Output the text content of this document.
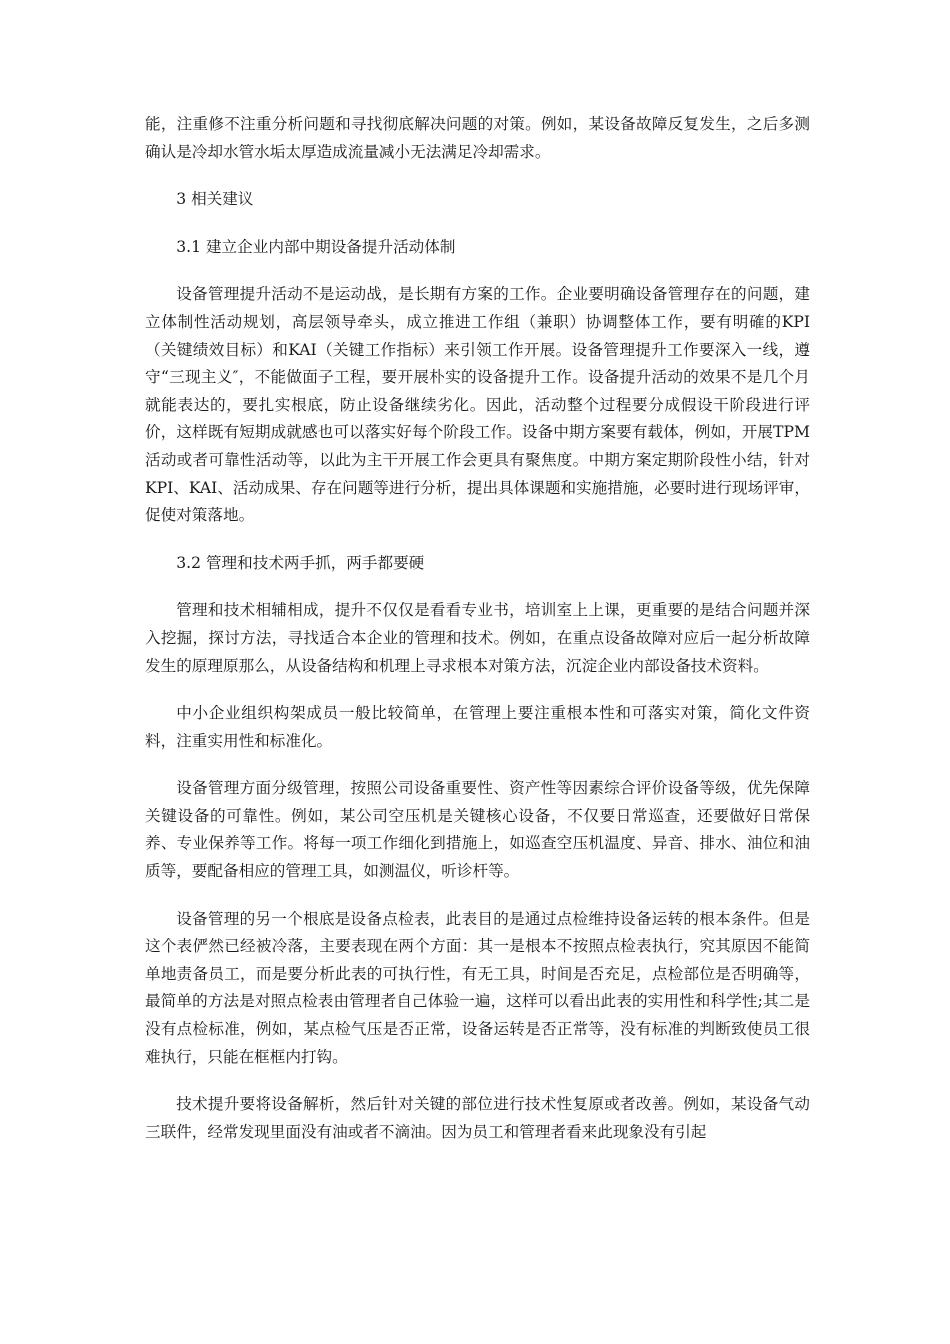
能，注重修不注重分析问题和寻找彻底解决问题的对策。例如，某设备故障反复发生，之后多测确认是冷却水管水垢太厚造成流量减小无法满足冷却需求。

3 相关建议

3.1 建立企业内部中期设备提升活动体制

设备管理提升活动不是运动战，是长期有方案的工作。企业要明确设备管理存在的问题，建立体制性活动规划，高层领导牵头，成立推进工作组（兼职）协调整体工作，要有明確的KPI（关键绩效目标）和KAI（关键工作指标）来引领工作开展。设备管理提升工作要深入一线，遵守“三现主义″，不能做面子工程，要开展朴实的设备提升工作。设备提升活动的效果不是几个月就能表达的，要扎实根底，防止设备继续劣化。因此，活动整个过程要分成假设干阶段进行评价，这样既有短期成就感也可以落实好每个阶段工作。设备中期方案要有载体，例如，开展TPM活动或者可靠性活动等，以此为主干开展工作会更具有聚焦度。中期方案定期阶段性小结，针对KPI、KAI、活动成果、存在问题等进行分析，提出具体课题和实施措施，必要时进行现场评审，促使对策落地。

3.2 管理和技术两手抓，两手都要硬

管理和技术相辅相成，提升不仅仅是看看专业书，培训室上上课，更重要的是结合问题并深入挖掘，探讨方法，寻找适合本企业的管理和技术。例如，在重点设备故障对应后一起分析故障发生的原理原那么，从设备结构和机理上寻求根本对策方法，沉淀企业内部设备技术资料。

中小企业组织构架成员一般比较简单，在管理上要注重根本性和可落实对策，简化文件资料，注重实用性和标准化。

设备管理方面分级管理，按照公司设备重要性、资产性等因素综合评价设备等级，优先保障关键设备的可靠性。例如，某公司空压机是关键核心设备，不仅要日常巡查，还要做好日常保养、专业保养等工作。将每一项工作细化到措施上，如巡查空压机温度、异音、排水、油位和油质等，要配备相应的管理工具，如测温仪，听诊杆等。

设备管理的另一个根底是设备点检表，此表目的是通过点检维持设备运转的根本条件。但是这个表俨然已经被冷落，主要表现在两个方面：其一是根本不按照点检表执行，究其原因不能简单地责备员工，而是要分析此表的可执行性，有无工具，时间是否充足，点检部位是否明确等，最简单的方法是对照点检表由管理者自己体验一遍，这样可以看出此表的实用性和科学性;其二是没有点检标准，例如，某点检气压是否正常，设备运转是否正常等，没有标准的判断致使员工很难执行，只能在框框内打钩。

技术提升要将设备解析，然后针对关键的部位进行技术性复原或者改善。例如，某设备气动三联件，经常发现里面没有油或者不滴油。因为员工和管理者看来此现象没有引起
